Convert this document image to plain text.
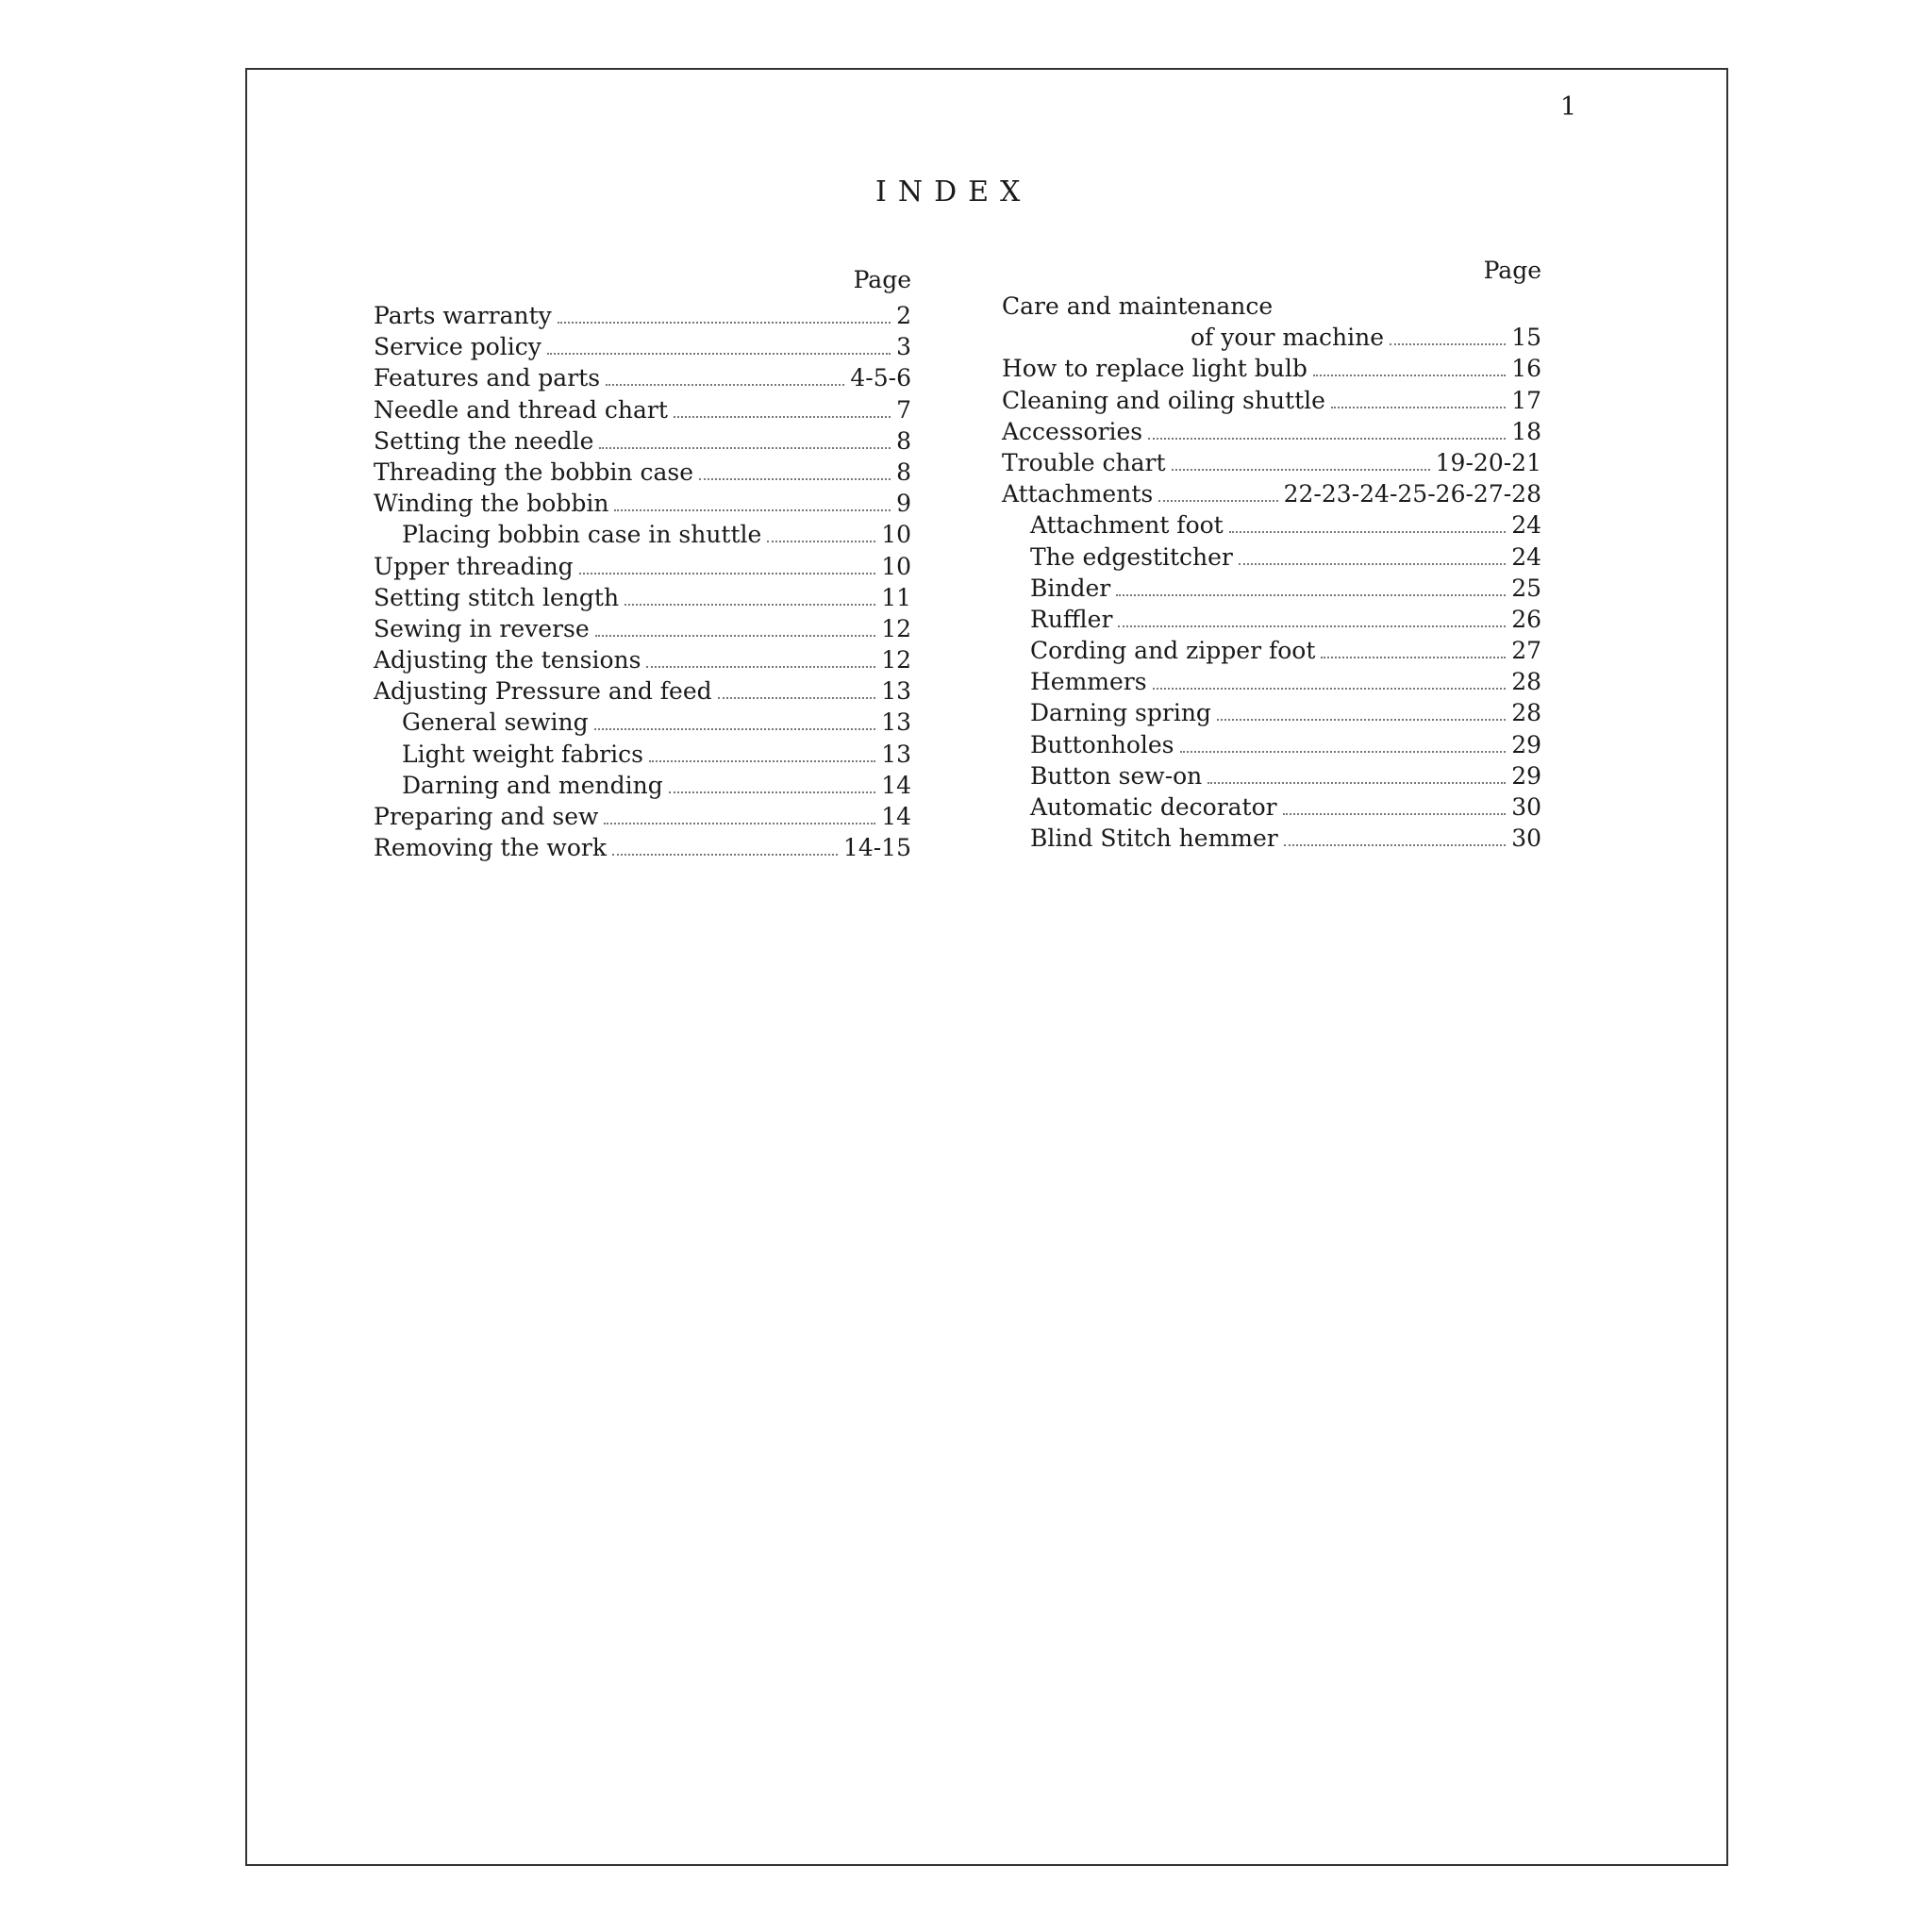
1
INDEX
Page
Parts warranty	2
Service policy	3
Features and parts	4-5-6
Needle and thread chart	7
Setting the needle	8
Threading the bobbin case	8
Winding the bobbin	9
Placing bobbin case in shuttle	10
Upper threading	10
Setting stitch length	11
Sewing in reverse	12
Adjusting the tensions	12
Adjusting Pressure and feed	13
General sewing	13
Light weight fabrics	13
Darning and mending	14
Preparing and sew	14
Removing the work	14-15
Page
Care and maintenance
of your machine	15
How to replace light bulb	16
Cleaning and oiling shuttle	17
Accessories	18
Trouble chart	19-20-21
Attachments	22-23-24-25-26-27-28
Attachment foot	24
The edgestitcher	24
Binder	25
Ruffler	26
Cording and zipper foot	27
Hemmers	28
Darning spring	28
Buttonholes	29
Button sew-on	29
Automatic decorator	30
Blind Stitch hemmer	30
